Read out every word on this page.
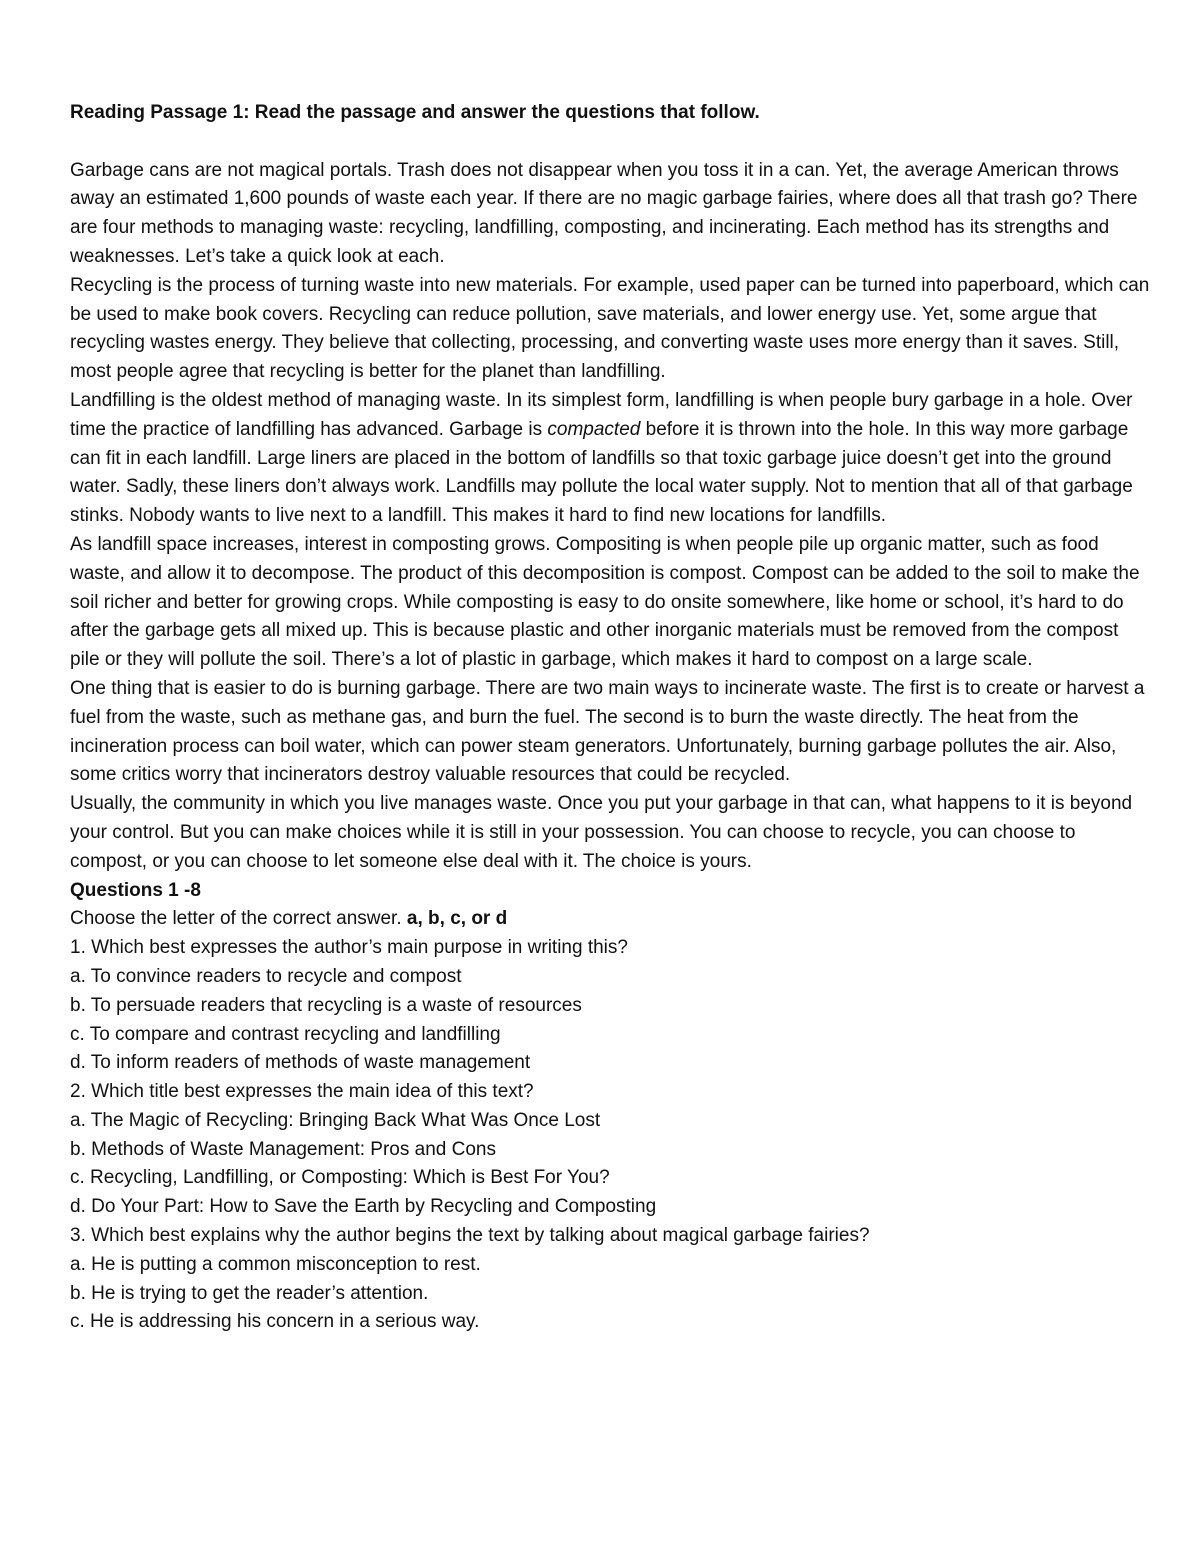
Reading Passage 1: Read the passage and answer the questions that follow.

Garbage cans are not magical portals. Trash does not disappear when you toss it in a can. Yet, the average American throws away an estimated 1,600 pounds of waste each year. If there are no magic garbage fairies, where does all that trash go? There are four methods to managing waste: recycling, landfilling, composting, and incinerating. Each method has its strengths and weaknesses. Let’s take a quick look at each.

Recycling is the process of turning waste into new materials. For example, used paper can be turned into paperboard, which can be used to make book covers. Recycling can reduce pollution, save materials, and lower energy use. Yet, some argue that recycling wastes energy. They believe that collecting, processing, and converting waste uses more energy than it saves. Still, most people agree that recycling is better for the planet than landfilling.

Landfilling is the oldest method of managing waste. In its simplest form, landfilling is when people bury garbage in a hole. Over time the practice of landfilling has advanced. Garbage is compacted before it is thrown into the hole. In this way more garbage can fit in each landfill. Large liners are placed in the bottom of landfills so that toxic garbage juice doesn’t get into the ground water. Sadly, these liners don’t always work. Landfills may pollute the local water supply. Not to mention that all of that garbage stinks. Nobody wants to live next to a landfill. This makes it hard to find new locations for landfills.

As landfill space increases, interest in composting grows. Compositing is when people pile up organic matter, such as food waste, and allow it to decompose. The product of this decomposition is compost. Compost can be added to the soil to make the soil richer and better for growing crops. While composting is easy to do onsite somewhere, like home or school, it’s hard to do after the garbage gets all mixed up. This is because plastic and other inorganic materials must be removed from the compost pile or they will pollute the soil. There’s a lot of plastic in garbage, which makes it hard to compost on a large scale.

One thing that is easier to do is burning garbage. There are two main ways to incinerate waste. The first is to create or harvest a fuel from the waste, such as methane gas, and burn the fuel. The second is to burn the waste directly. The heat from the incineration process can boil water, which can power steam generators. Unfortunately, burning garbage pollutes the air. Also, some critics worry that incinerators destroy valuable resources that could be recycled.

Usually, the community in which you live manages waste. Once you put your garbage in that can, what happens to it is beyond your control. But you can make choices while it is still in your possession. You can choose to recycle, you can choose to compost, or you can choose to let someone else deal with it. The choice is yours.

Questions 1 -8

Choose the letter of the correct answer. a, b, c, or d

1. Which best expresses the author’s main purpose in writing this?

a. To convince readers to recycle and compost

b. To persuade readers that recycling is a waste of resources

c. To compare and contrast recycling and landfilling

d. To inform readers of methods of waste management

2. Which title best expresses the main idea of this text?

a. The Magic of Recycling: Bringing Back What Was Once Lost

b. Methods of Waste Management: Pros and Cons

c. Recycling, Landfilling, or Composting: Which is Best For You?

d. Do Your Part: How to Save the Earth by Recycling and Composting

3. Which best explains why the author begins the text by talking about magical garbage fairies?

a. He is putting a common misconception to rest.

b. He is trying to get the reader’s attention.

c. He is addressing his concern in a serious way.
